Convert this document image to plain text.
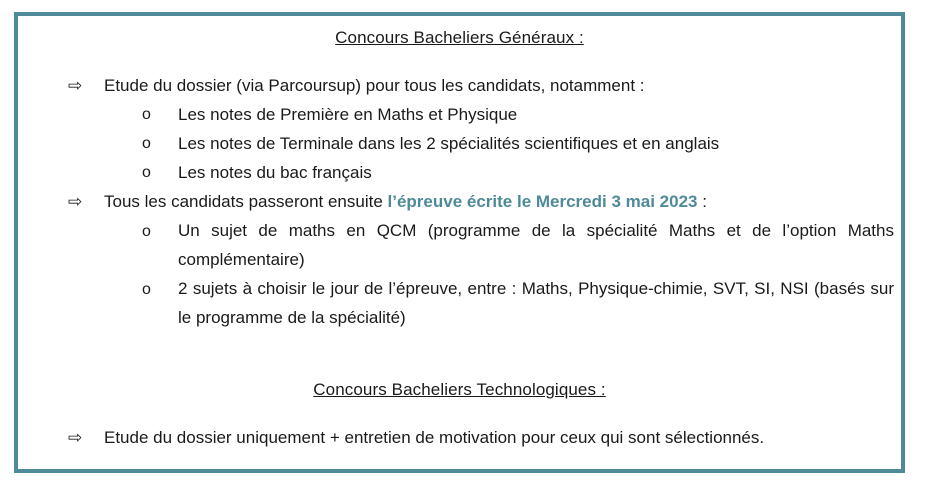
Concours Bacheliers Généraux :
⇨ Etude du dossier (via Parcoursup) pour tous les candidats, notamment :
o Les notes de Première en Maths et Physique
o Les notes de Terminale dans les 2 spécialités scientifiques et en anglais
o Les notes du bac français
⇨ Tous les candidats passeront ensuite l’épreuve écrite le Mercredi 3 mai 2023 :
o Un sujet de maths en QCM (programme de la spécialité Maths et de l’option Maths complémentaire)
o 2 sujets à choisir le jour de l’épreuve, entre : Maths, Physique-chimie, SVT, SI, NSI (basés sur le programme de la spécialité)
Concours Bacheliers Technologiques :
⇨ Etude du dossier uniquement + entretien de motivation pour ceux qui sont sélectionnés.
